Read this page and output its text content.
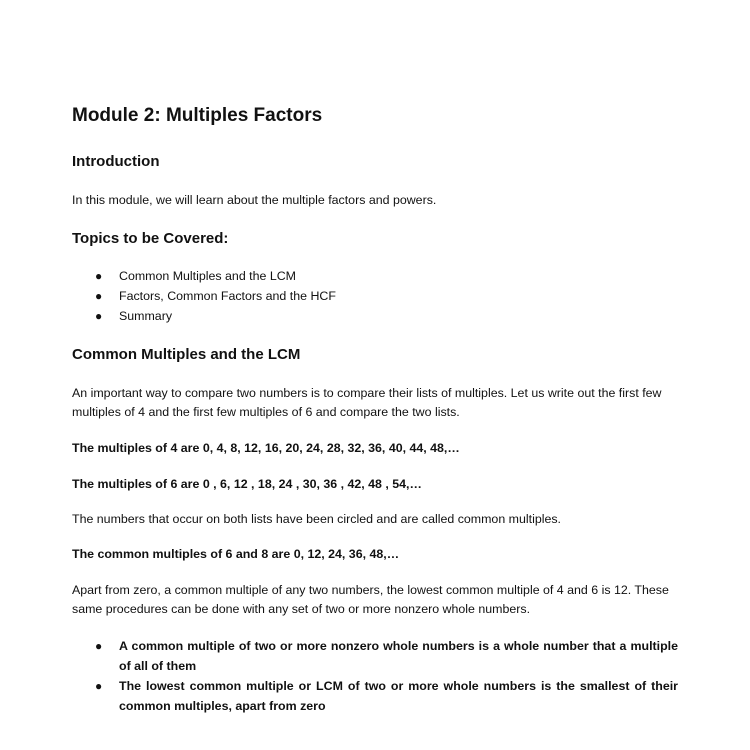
Module 2: Multiples Factors
Introduction
In this module, we will learn about the multiple factors and powers.
Topics to be Covered:
● Common Multiples and the LCM
● Factors, Common Factors and the HCF
● Summary
Common Multiples and the LCM
An important way to compare two numbers is to compare their lists of multiples. Let us write out the first few multiples of 4 and the first few multiples of 6 and compare the two lists.
The multiples of 4 are 0, 4, 8, 12, 16, 20, 24, 28, 32, 36, 40, 44, 48,…
The multiples of 6 are 0 , 6, 12 , 18, 24 , 30, 36 , 42, 48 , 54,…
The numbers that occur on both lists have been circled and are called common multiples.
The common multiples of 6 and 8 are 0, 12, 24, 36, 48,…
Apart from zero, a common multiple of any two numbers, the lowest common multiple of 4 and 6 is 12. These same procedures can be done with any set of two or more nonzero whole numbers.
● A common multiple of two or more nonzero whole numbers is a whole number that a multiple of all of them
● The lowest common multiple or LCM of two or more whole numbers is the smallest of their common multiples, apart from zero
